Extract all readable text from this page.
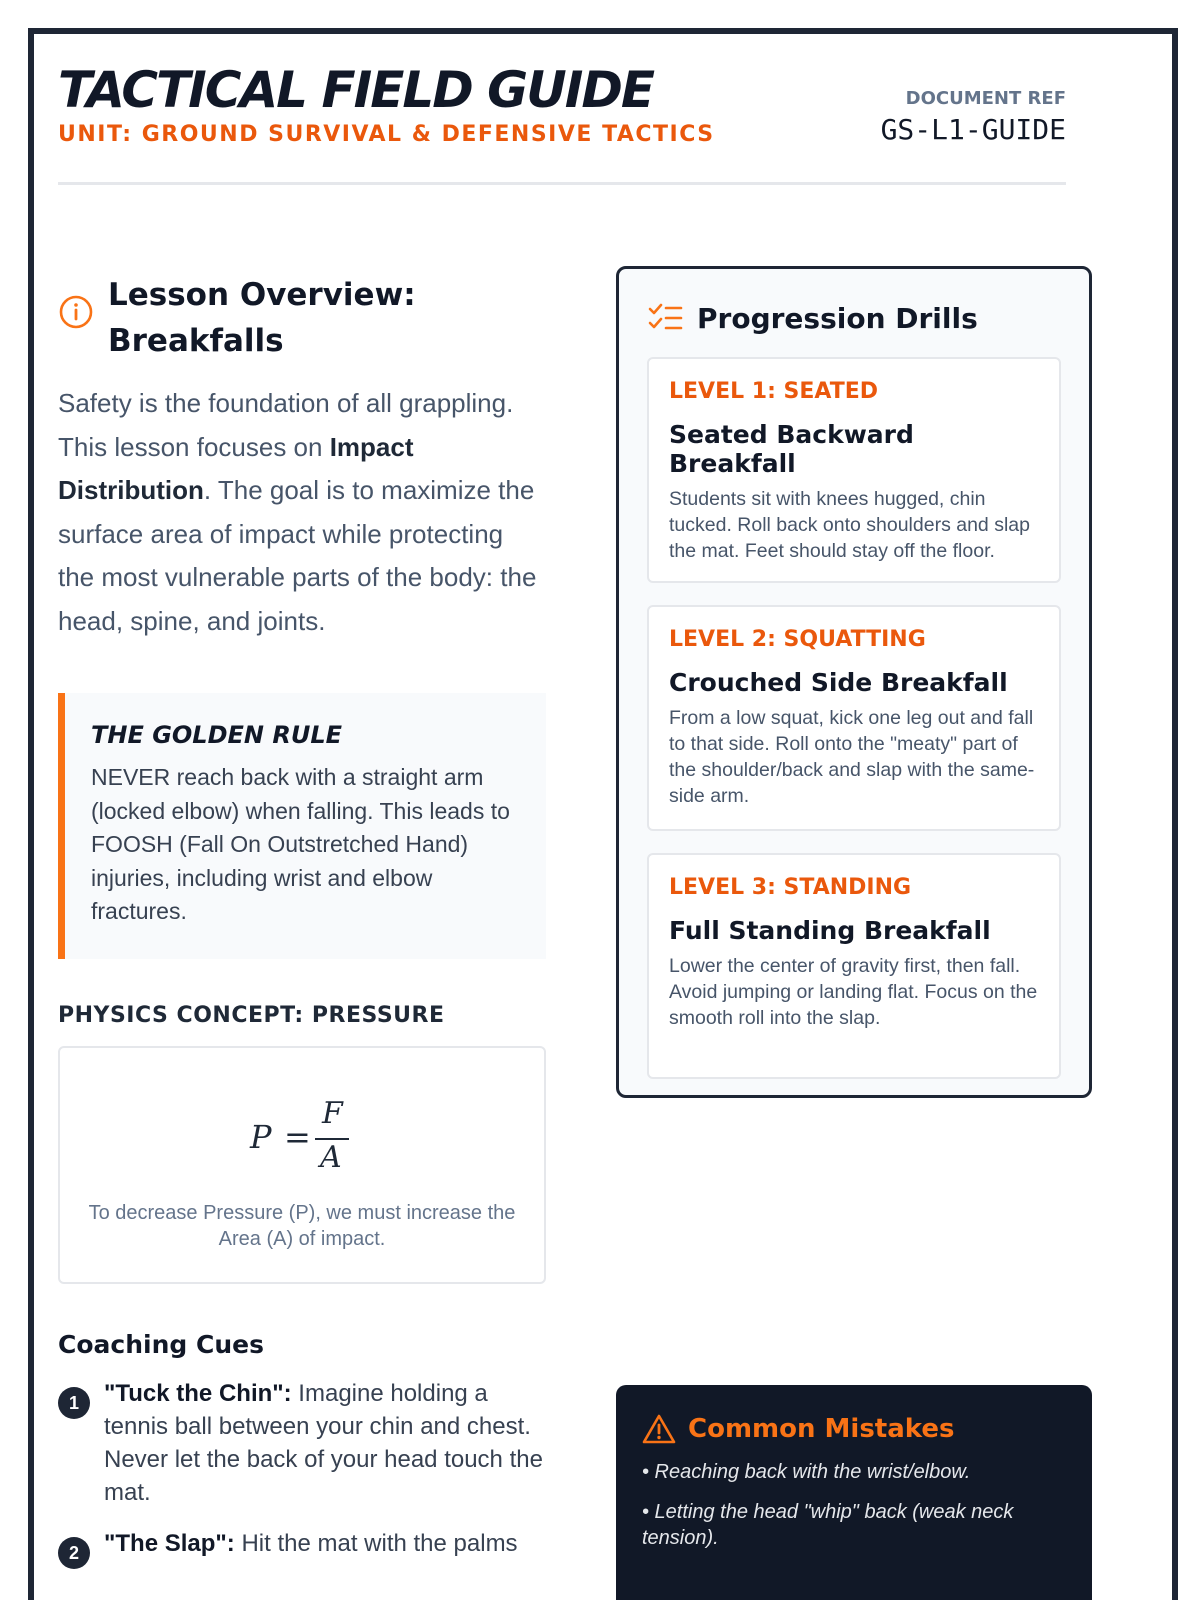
TACTICAL FIELD GUIDE
UNIT: GROUND SURVIVAL & DEFENSIVE TACTICS
DOCUMENT REF
GS-L1-GUIDE
Lesson Overview:
Breakfalls

Safety is the foundation of all grappling. This lesson focuses on Impact Distribution. The goal is to maximize the surface area of impact while protecting the most vulnerable parts of the body: the head, spine, and joints.

THE GOLDEN RULE
NEVER reach back with a straight arm (locked elbow) when falling. This leads to FOOSH (Fall On Outstretched Hand) injuries, including wrist and elbow fractures.
PHYSICS CONCEPT: PRESSURE
P =
F
A
To decrease Pressure (P), we must increase the Area (A) of impact.
Coaching Cues
1	"Tuck the Chin": Imagine holding a tennis ball between your chin and chest. Never let the back of your head touch the mat.
2	"The Slap": Hit the mat with the palms
Progression Drills
LEVEL 1: SEATED
Seated Backward Breakfall
Students sit with knees hugged, chin tucked. Roll back onto shoulders and slap the mat. Feet should stay off the floor.
LEVEL 2: SQUATTING
Crouched Side Breakfall
From a low squat, kick one leg out and fall to that side. Roll onto the "meaty" part of the shoulder/back and slap with the same-side arm.
LEVEL 3: STANDING
Full Standing Breakfall
Lower the center of gravity first, then fall. Avoid jumping or landing flat. Focus on the smooth roll into the slap.
Common Mistakes
• Reaching back with the wrist/elbow.
• Letting the head "whip" back (weak neck tension).
